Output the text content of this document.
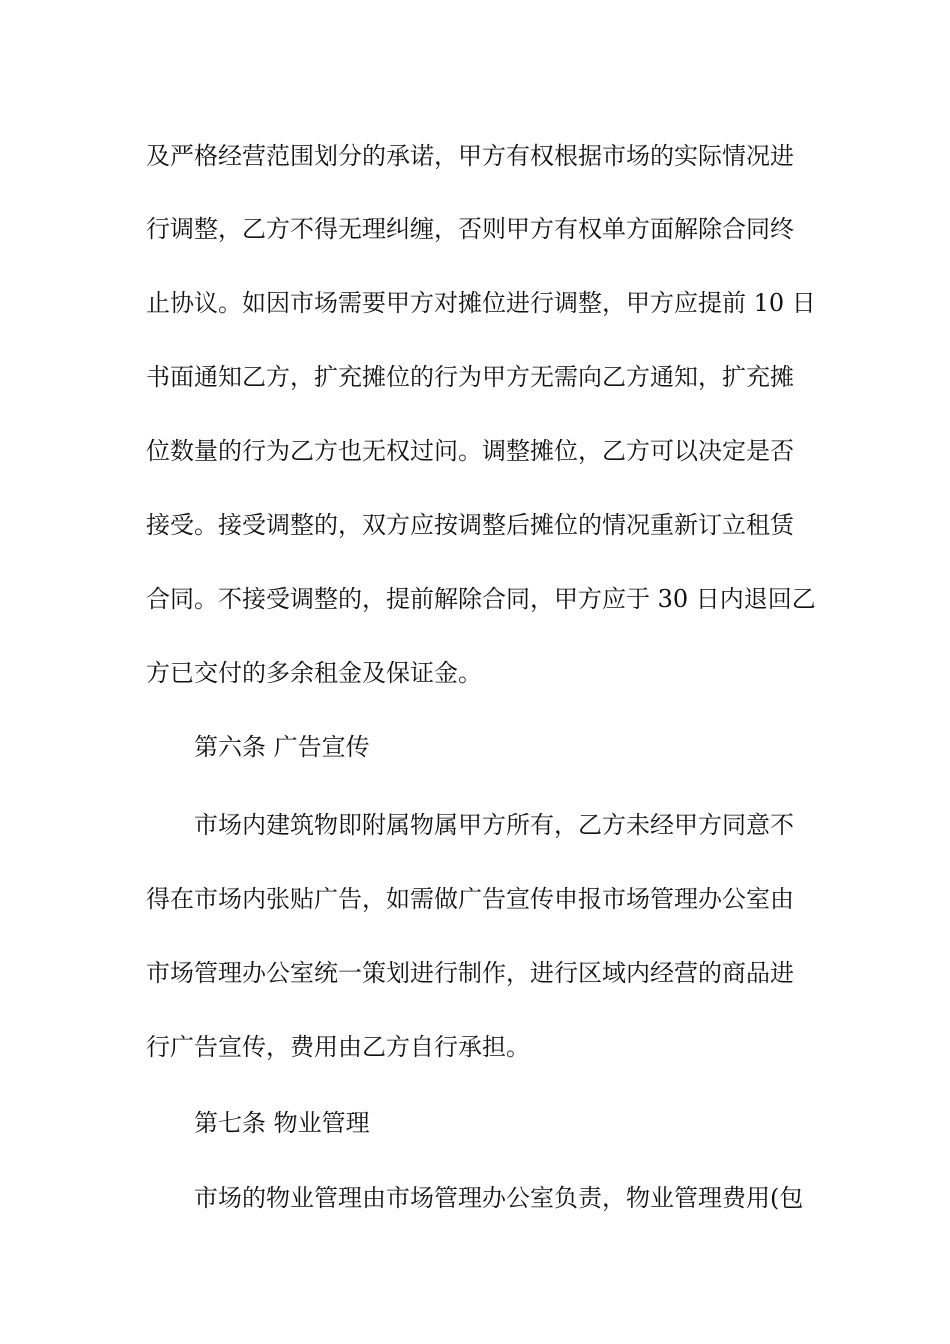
及严格经营范围划分的承诺，甲方有权根据市场的实际情况进
行调整，乙方不得无理纠缠，否则甲方有权单方面解除合同终
止协议。如因市场需要甲方对摊位进行调整，甲方应提前 10 日
书面通知乙方，扩充摊位的行为甲方无需向乙方通知，扩充摊
位数量的行为乙方也无权过问。调整摊位，乙方可以决定是否
接受。接受调整的，双方应按调整后摊位的情况重新订立租赁
合同。不接受调整的，提前解除合同，甲方应于 30 日内退回乙
方已交付的多余租金及保证金。
第六条 广告宣传
市场内建筑物即附属物属甲方所有，乙方未经甲方同意不
得在市场内张贴广告，如需做广告宣传申报市场管理办公室由
市场管理办公室统一策划进行制作，进行区域内经营的商品进
行广告宣传，费用由乙方自行承担。
第七条 物业管理
市场的物业管理由市场管理办公室负责，物业管理费用(包
